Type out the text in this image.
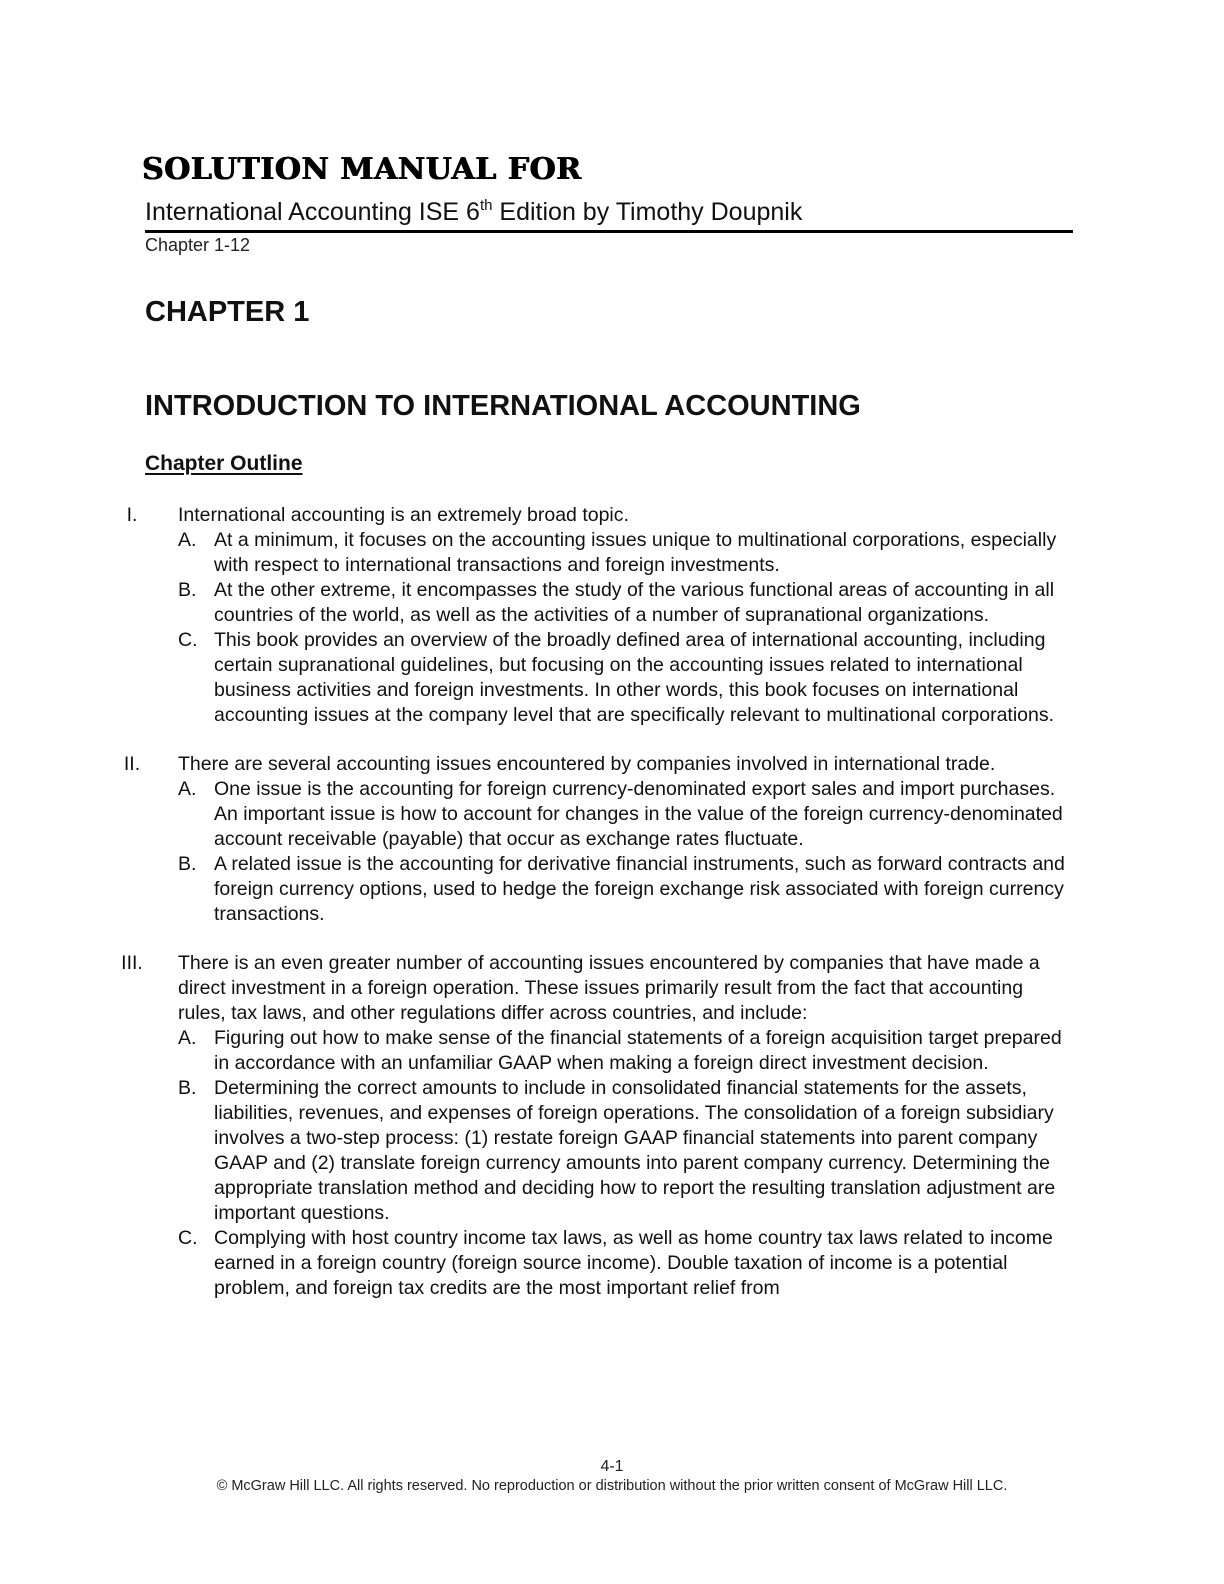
SOLUTION MANUAL FOR
International Accounting ISE 6th Edition by Timothy Doupnik
Chapter 1-12
CHAPTER 1
INTRODUCTION TO INTERNATIONAL ACCOUNTING
Chapter Outline
I.	International accounting is an extremely broad topic.
A. At a minimum, it focuses on the accounting issues unique to multinational corporations, especially with respect to international transactions and foreign investments.
B. At the other extreme, it encompasses the study of the various functional areas of accounting in all countries of the world, as well as the activities of a number of supranational organizations.
C. This book provides an overview of the broadly defined area of international accounting, including certain supranational guidelines, but focusing on the accounting issues related to international business activities and foreign investments. In other words, this book focuses on international accounting issues at the company level that are specifically relevant to multinational corporations.
II.	There are several accounting issues encountered by companies involved in international trade.
A. One issue is the accounting for foreign currency-denominated export sales and import purchases. An important issue is how to account for changes in the value of the foreign currency-denominated account receivable (payable) that occur as exchange rates fluctuate.
B. A related issue is the accounting for derivative financial instruments, such as forward contracts and foreign currency options, used to hedge the foreign exchange risk associated with foreign currency transactions.
III.	There is an even greater number of accounting issues encountered by companies that have made a direct investment in a foreign operation. These issues primarily result from the fact that accounting rules, tax laws, and other regulations differ across countries, and include:
A. Figuring out how to make sense of the financial statements of a foreign acquisition target prepared in accordance with an unfamiliar GAAP when making a foreign direct investment decision.
B. Determining the correct amounts to include in consolidated financial statements for the assets, liabilities, revenues, and expenses of foreign operations. The consolidation of a foreign subsidiary involves a two-step process: (1) restate foreign GAAP financial statements into parent company GAAP and (2) translate foreign currency amounts into parent company currency. Determining the appropriate translation method and deciding how to report the resulting translation adjustment are important questions.
C. Complying with host country income tax laws, as well as home country tax laws related to income earned in a foreign country (foreign source income). Double taxation of income is a potential problem, and foreign tax credits are the most important relief from
4-1
© McGraw Hill LLC. All rights reserved. No reproduction or distribution without the prior written consent of McGraw Hill LLC.
